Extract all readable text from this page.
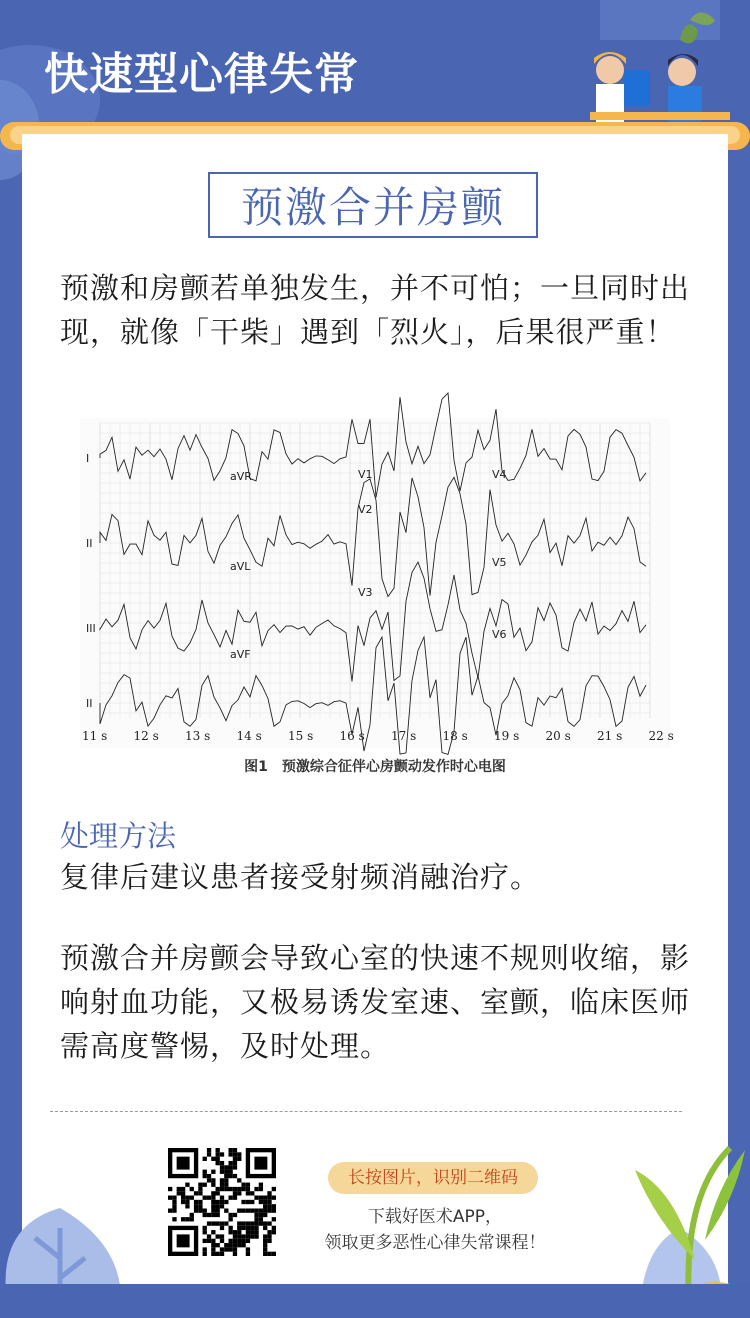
快速型心律失常
预激合并房颤
预激和房颤若单独发生，并不可怕；一旦同时出现，就像「干柴」遇到「烈火」，后果很严重！
I
II
III
II
aVR
aVL
aVF
V1
V2
V3
V4
V5
V6
11 s 12 s 13 s 14 s 15 s 16 s 17 s 18 s 19 s 20 s 21 s 22 s
图1　预激综合征伴心房颤动发作时心电图
处理方法
复律后建议患者接受射频消融治疗。
预激合并房颤会导致心室的快速不规则收缩，影响射血功能，又极易诱发室速、室颤，临床医师需高度警惕，及时处理。
长按图片，识别二维码
下载好医术APP，
领取更多恶性心律失常课程！
